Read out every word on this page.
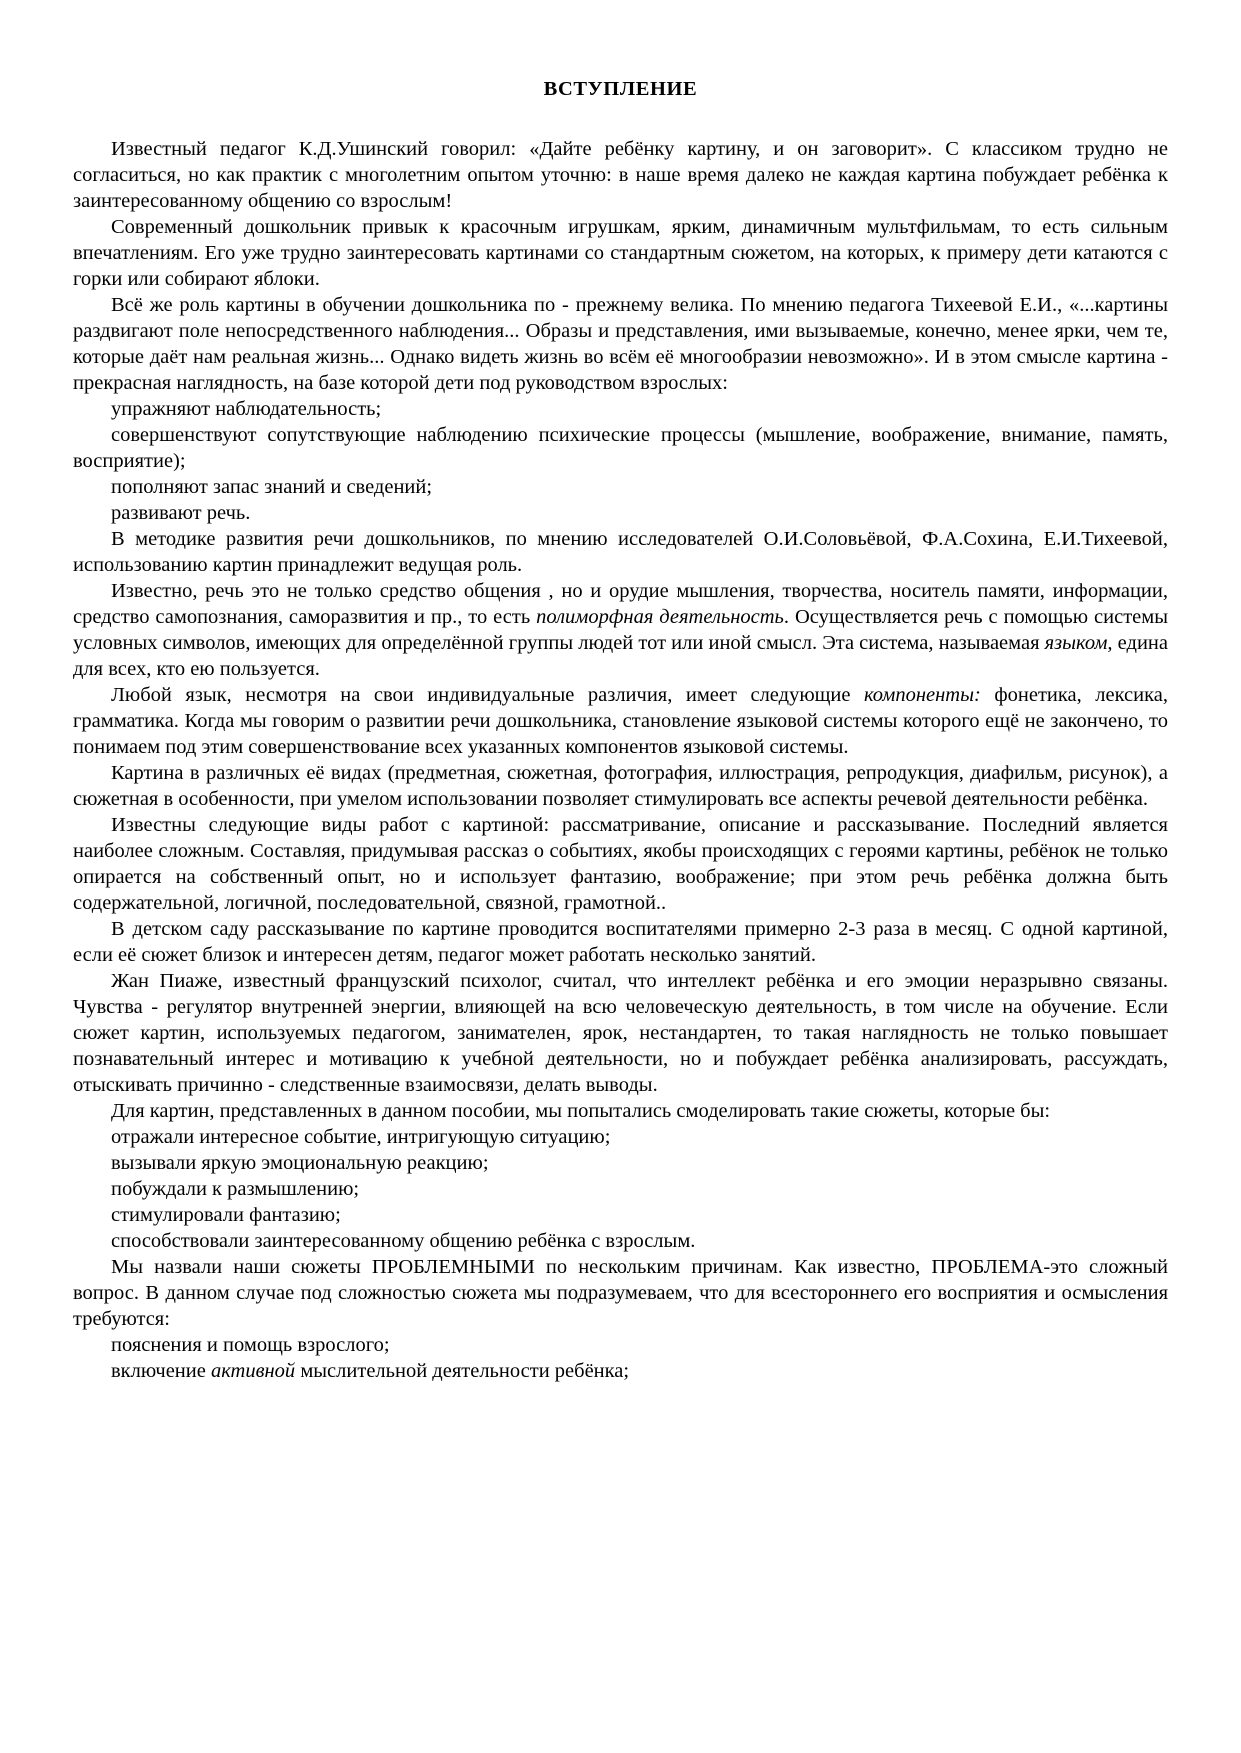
ВСТУПЛЕНИЕ

Известный педагог К.Д.Ушинский говорил: «Дайте ребёнку картину, и он заговорит». С классиком трудно не согласиться, но как практик с многолетним опытом уточню: в наше время далеко не каждая картина побуждает ребёнка к заинтересованному общению со взрослым!

Современный дошкольник привык к красочным игрушкам, ярким, динамичным мультфильмам, то есть сильным впечатлениям. Его уже трудно заинтересовать картинами со стандартным сюжетом, на которых, к примеру дети катаются с горки или собирают яблоки.

Всё же роль картины в обучении дошкольника по - прежнему велика. По мнению педагога Тихеевой Е.И., «...картины раздвигают поле непосредственного наблюдения... Образы и представления, ими вызываемые, конечно, менее ярки, чем те, которые даёт нам реальная жизнь... Однако видеть жизнь во всём её многообразии невозможно». И в этом смысле картина - прекрасная наглядность, на базе которой дети под руководством взрослых:

упражняют наблюдательность;

совершенствуют сопутствующие наблюдению психические процессы (мышление, воображение, внимание, память, восприятие);

пополняют запас знаний и сведений;

развивают речь.

В методике развития речи дошкольников, по мнению исследователей О.И.Соловьёвой, Ф.А.Сохина, Е.И.Тихеевой, использованию картин принадлежит ведущая роль.

Известно, речь это не только средство общения , но и орудие мышления, творчества, носитель памяти, информации, средство самопознания, саморазвития и пр., то есть полиморфная деятельность. Осуществляется речь с помощью системы условных символов, имеющих для определённой группы людей тот или иной смысл. Эта система, называемая языком, едина для всех, кто ею пользуется.

Любой язык, несмотря на свои индивидуальные различия, имеет следующие компоненты: фонетика, лексика, грамматика. Когда мы говорим о развитии речи дошкольника, становление языковой системы которого ещё не закончено, то понимаем под этим совершенствование всех указанных компонентов языковой системы.

Картина в различных её видах (предметная, сюжетная, фотография, иллюстрация, репродукция, диафильм, рисунок), а сюжетная в особенности, при умелом использовании позволяет стимулировать все аспекты речевой деятельности ребёнка.

Известны следующие виды работ с картиной: рассматривание, описание и рассказывание. Последний является наиболее сложным. Составляя, придумывая рассказ о событиях, якобы происходящих с героями картины, ребёнок не только опирается на собственный опыт, но и использует фантазию, воображение; при этом речь ребёнка должна быть содержательной, логичной, последовательной, связной, грамотной..

В детском саду рассказывание по картине проводится воспитателями примерно 2-3 раза в месяц. С одной картиной, если её сюжет близок и интересен детям, педагог может работать несколько занятий.

Жан Пиаже, известный французский психолог, считал, что интеллект ребёнка и его эмоции неразрывно связаны. Чувства - регулятор внутренней энергии, влияющей на всю человеческую деятельность, в том числе на обучение. Если сюжет картин, используемых педагогом, занимателен, ярок, нестандартен, то такая наглядность не только повышает познавательный интерес и мотивацию к учебной деятельности, но и побуждает ребёнка анализировать, рассуждать, отыскивать причинно - следственные взаимосвязи, делать выводы.

Для картин, представленных в данном пособии, мы попытались смоделировать такие сюжеты, которые бы:

отражали интересное событие, интригующую ситуацию;

вызывали яркую эмоциональную реакцию;

побуждали к размышлению;

стимулировали фантазию;

способствовали заинтересованному общению ребёнка с взрослым.

Мы назвали наши сюжеты ПРОБЛЕМНЫМИ по нескольким причинам. Как известно, ПРОБЛЕМА-это сложный вопрос. В данном случае под сложностью сюжета мы подразумеваем, что для всестороннего его восприятия и осмысления требуются:

пояснения и помощь взрослого;

включение активной мыслительной деятельности ребёнка;
